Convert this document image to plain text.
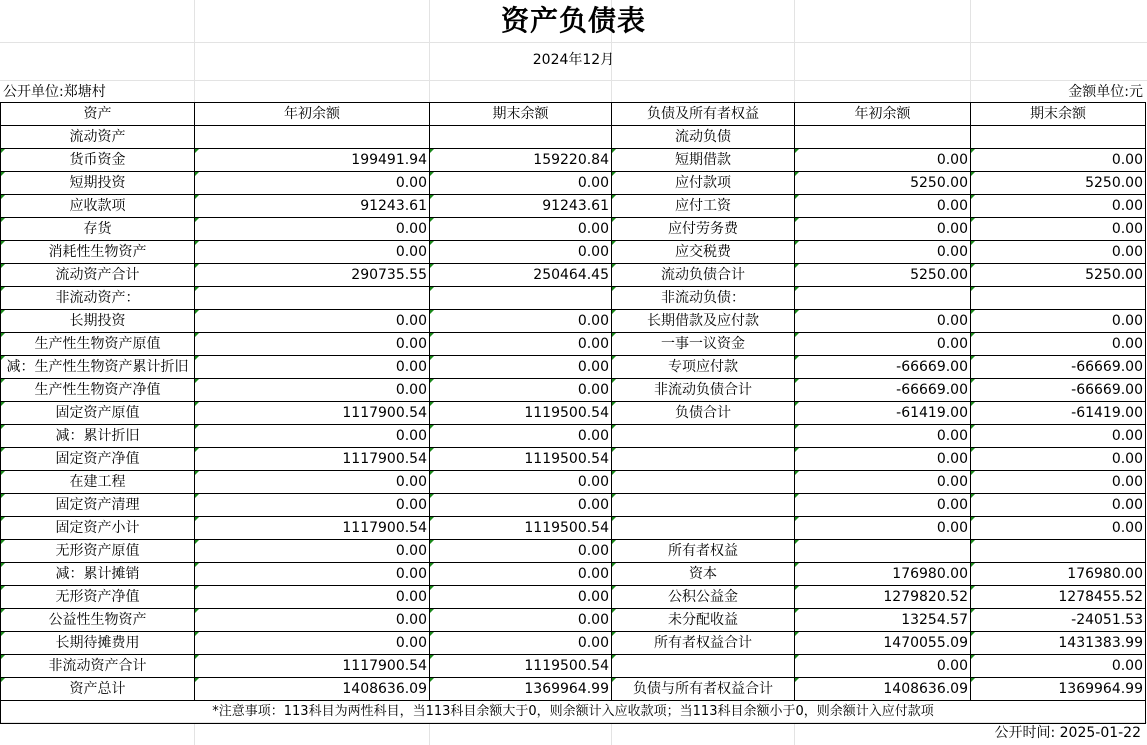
资产负债表
2024年12月
公开单位:郑塘村	金额单位:元
资产	年初余额	期末余额	负债及所有者权益	年初余额	期末余额
流动资产			流动负债		
货币资金	199491.94	159220.84	短期借款	0.00	0.00
短期投资	0.00	0.00	应付款项	5250.00	5250.00
应收款项	91243.61	91243.61	应付工资	0.00	0.00
存货	0.00	0.00	应付劳务费	0.00	0.00
消耗性生物资产	0.00	0.00	应交税费	0.00	0.00
流动资产合计	290735.55	250464.45	流动负债合计	5250.00	5250.00
非流动资产：			非流动负债：		
长期投资	0.00	0.00	长期借款及应付款	0.00	0.00
生产性生物资产原值	0.00	0.00	一事一议资金	0.00	0.00
减：生产性生物资产累计折旧	0.00	0.00	专项应付款	-66669.00	-66669.00
生产性生物资产净值	0.00	0.00	非流动负债合计	-66669.00	-66669.00
固定资产原值	1117900.54	1119500.54	负债合计	-61419.00	-61419.00
减：累计折旧	0.00	0.00		0.00	0.00
固定资产净值	1117900.54	1119500.54		0.00	0.00
在建工程	0.00	0.00		0.00	0.00
固定资产清理	0.00	0.00		0.00	0.00
固定资产小计	1117900.54	1119500.54		0.00	0.00
无形资产原值	0.00	0.00	所有者权益		
减：累计摊销	0.00	0.00	资本	176980.00	176980.00
无形资产净值	0.00	0.00	公积公益金	1279820.52	1278455.52
公益性生物资产	0.00	0.00	未分配收益	13254.57	-24051.53
长期待摊费用	0.00	0.00	所有者权益合计	1470055.09	1431383.99
非流动资产合计	1117900.54	1119500.54		0.00	0.00
资产总计	1408636.09	1369964.99	负债与所有者权益合计	1408636.09	1369964.99
*注意事项：113科目为两性科目，当113科目余额大于0，则余额计入应收款项；当113科目余额小于0，则余额计入应付款项					
公开时间: 2025-01-22
